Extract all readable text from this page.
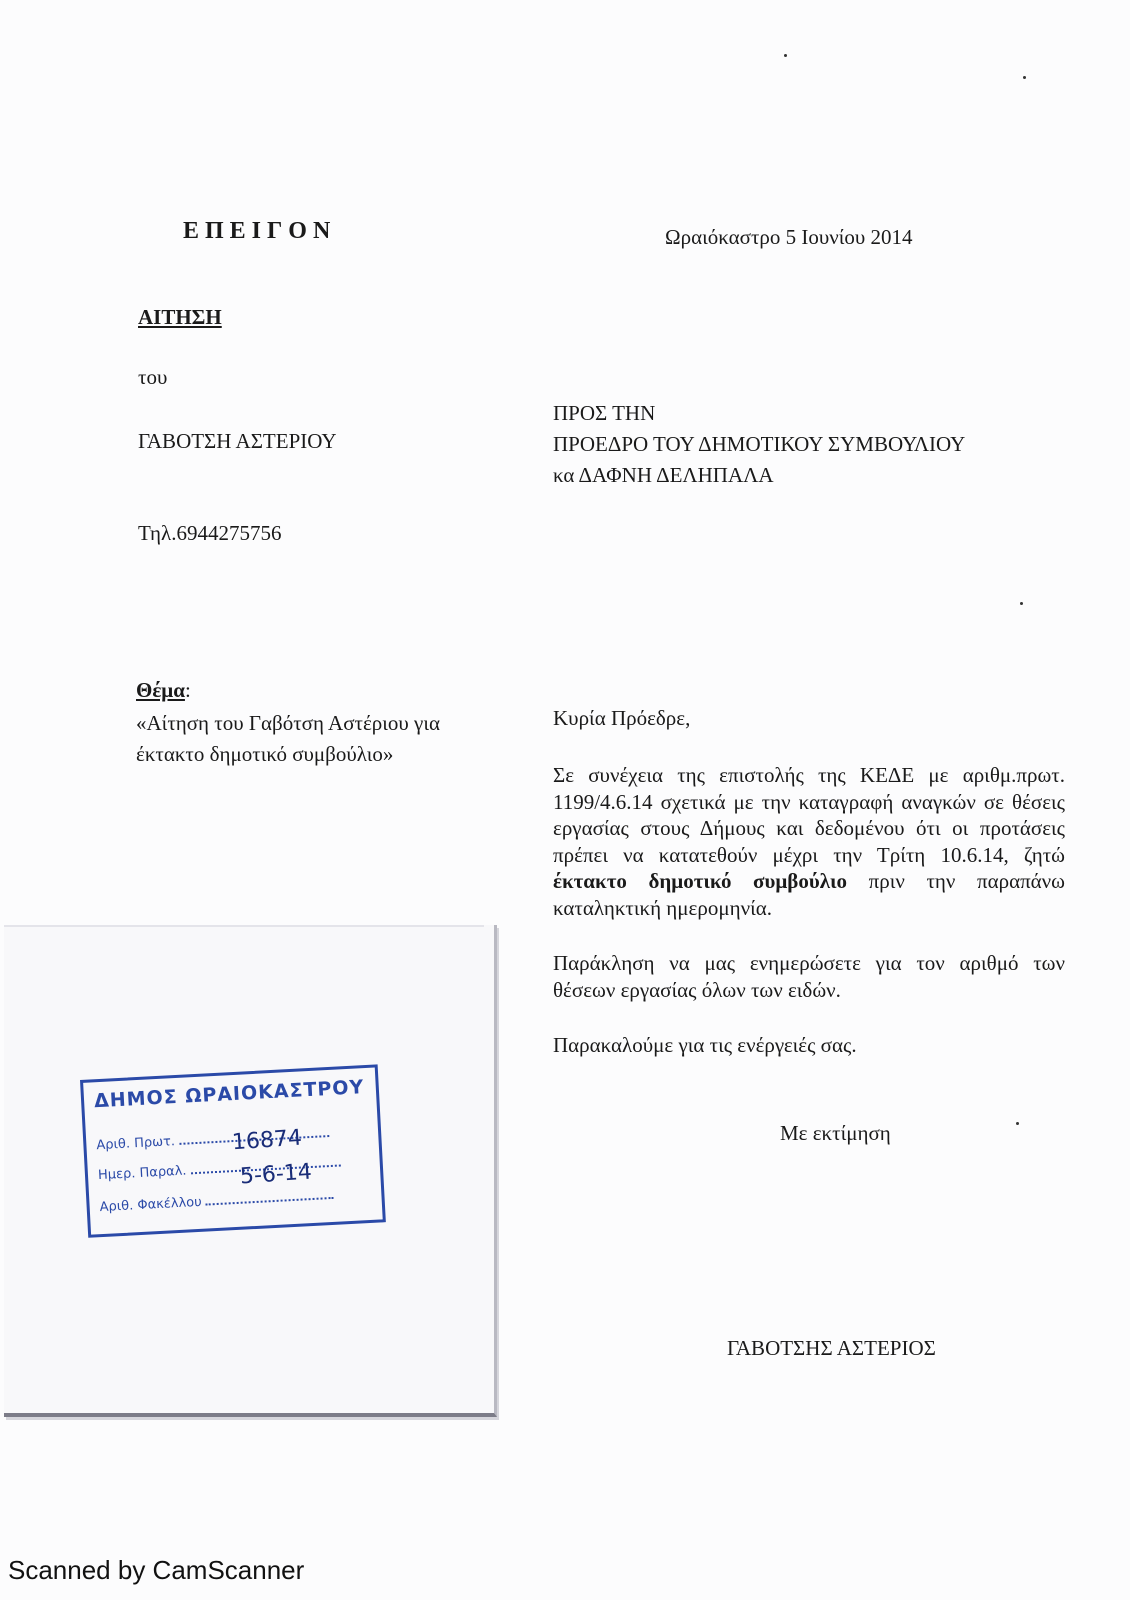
ΕΠΕΙΓΟΝ	Ωραιόκαστρο 5 Ιουνίου 2014
ΑΙΤΗΣΗ
του
ΓΑΒΟΤΣΗ ΑΣΤΕΡΙΟΥ
Τηλ.6944275756
ΠΡΟΣ ΤΗΝ
ΠΡΟΕΔΡΟ ΤΟΥ ΔΗΜΟΤΙΚΟΥ ΣΥΜΒΟΥΛΙΟΥ
κα ΔΑΦΝΗ ΔΕΛΗΠΑΛΑ
Θέμα:
«Αίτηση του Γαβότση Αστέριου για
έκτακτο δημοτικό συμβούλιο»
Κυρία Πρόεδρε,
Σε συνέχεια της επιστολής της ΚΕΔΕ με αριθμ.πρωτ. 1199/4.6.14 σχετικά με την καταγραφή αναγκών σε θέσεις εργασίας στους Δήμους και δεδομένου ότι οι προτάσεις πρέπει να κατατεθούν μέχρι την Τρίτη 10.6.14, ζητώ έκτακτο δημοτικό συμβούλιο πριν την παραπάνω καταληκτική ημερομηνία.
Παράκληση να μας ενημερώσετε για τον αριθμό των θέσεων εργασίας όλων των ειδών.
Παρακαλούμε για τις ενέργειές σας.
Με εκτίμηση
ΓΑΒΟΤΣΗΣ ΑΣΤΕΡΙΟΣ
ΔΗΜΟΣ ΩΡΑΙΟΚΑΣΤΡΟΥ
Αριθ. Πρωτ.
Ημερ. Παραλ.
Αριθ. Φακέλλου
16874
5-6-14
Scanned by CamScanner
